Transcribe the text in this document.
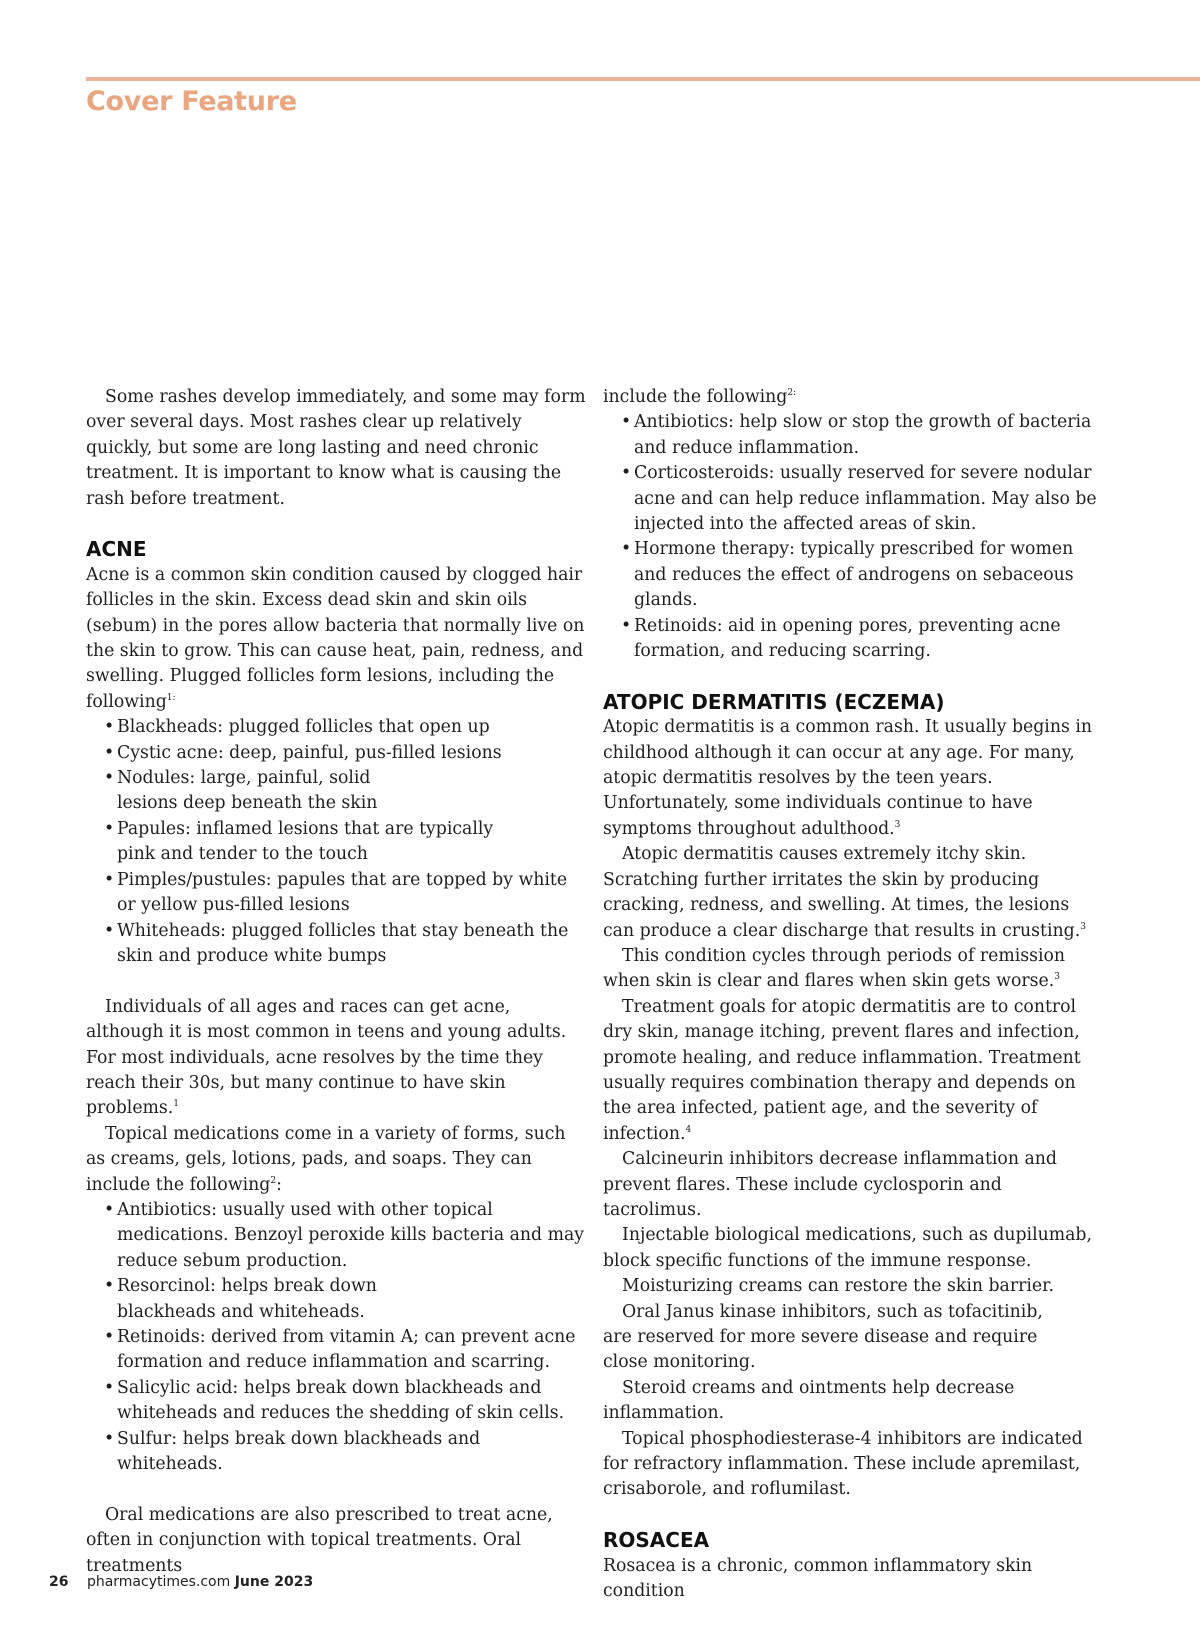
Cover Feature

Some rashes develop immediately, and some may form over several days. Most rashes clear up relatively quickly, but some are long lasting and need chronic treatment. It is important to know what is causing the rash before treatment.

ACNE

Acne is a common skin condition caused by clogged hair follicles in the skin. Excess dead skin and skin oils (sebum) in the pores allow bacteria that normally live on the skin to grow. This can cause heat, pain, redness, and swelling. Plugged follicles form lesions, including the following$^{1:}$

• Blackheads: plugged follicles that open up
• Cystic acne: deep, painful, pus-filled lesions
• Nodules: large, painful, solid lesions deep beneath the skin
• Papules: inflamed lesions that are typically pink and tender to the touch
• Pimples/pustules: papules that are topped by white or yellow pus-filled lesions
• Whiteheads: plugged follicles that stay beneath the skin and produce white bumps

Individuals of all ages and races can get acne, although it is most common in teens and young adults. For most individuals, acne resolves by the time they reach their 30s, but many continue to have skin problems.$^1$

Topical medications come in a variety of forms, such as creams, gels, lotions, pads, and soaps. They can include the following$^2$:

• Antibiotics: usually used with other topical medications. Benzoyl peroxide kills bacteria and may reduce sebum production.
• Resorcinol: helps break down blackheads and whiteheads.
• Retinoids: derived from vitamin A; can prevent acne formation and reduce inflammation and scarring.
• Salicylic acid: helps break down blackheads and whiteheads and reduces the shedding of skin cells.
• Sulfur: helps break down blackheads and whiteheads.

Oral medications are also prescribed to treat acne, often in conjunction with topical treatments. Oral treatments

include the following$^{2:}$

• Antibiotics: help slow or stop the growth of bacteria and reduce inflammation.
• Corticosteroids: usually reserved for severe nodular acne and can help reduce inflammation. May also be injected into the affected areas of skin.
• Hormone therapy: typically prescribed for women and reduces the effect of androgens on sebaceous glands.
• Retinoids: aid in opening pores, preventing acne formation, and reducing scarring.
ATOPIC DERMATITIS (ECZEMA)

Atopic dermatitis is a common rash. It usually begins in childhood although it can occur at any age. For many, atopic dermatitis resolves by the teen years. Unfortunately, some individuals continue to have symptoms throughout adulthood.$^3$

Atopic dermatitis causes extremely itchy skin. Scratching further irritates the skin by producing cracking, redness, and swelling. At times, the lesions can produce a clear discharge that results in crusting.$^3$

This condition cycles through periods of remission when skin is clear and flares when skin gets worse.$^3$

Treatment goals for atopic dermatitis are to control dry skin, manage itching, prevent flares and infection, promote healing, and reduce inflammation. Treatment usually requires combination therapy and depends on the area infected, patient age, and the severity of infection.$^4$

Calcineurin inhibitors decrease inflammation and prevent flares. These include cyclosporin and tacrolimus.

Injectable biological medications, such as dupilumab, block specific functions of the immune response.

Moisturizing creams can restore the skin barrier.

Oral Janus kinase inhibitors, such as tofacitinib, are reserved for more severe disease and require close monitoring.

Steroid creams and ointments help decrease inflammation.

Topical phosphodiesterase-4 inhibitors are indicated for refractory inflammation. These include apremilast, crisaborole, and roflumilast.

ROSACEA

Rosacea is a chronic, common inflammatory skin condition

26 pharmacytimes.com June 2023
